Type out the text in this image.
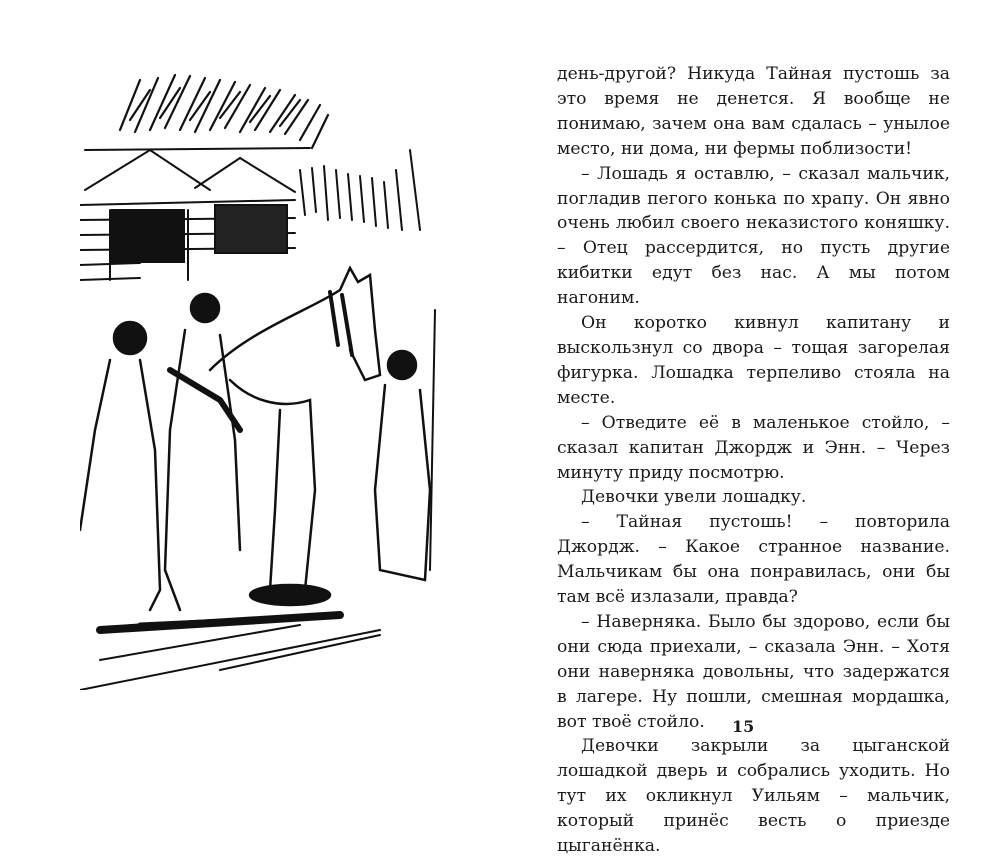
день-другой? Никуда Тайная пустошь за это время не денется. Я вообще не понимаю, зачем она вам сдалась – унылое место, ни дома, ни фермы поблизости!

– Лошадь я оставлю, – сказал мальчик, погладив пегого конька по храпу. Он явно очень любил своего неказистого коняшку. – Отец рассердится, но пусть другие кибитки едут без нас. А мы потом нагоним.

Он коротко кивнул капитану и выскользнул со двора – тощая загорелая фигурка. Лошадка терпеливо стояла на месте.

– Отведите её в маленькое стойло, – сказал капитан Джордж и Энн. – Через минуту приду посмотрю.

Девочки увели лошадку.

– Тайная пустошь! – повторила Джордж. – Какое странное название. Мальчикам бы она понравилась, они бы там всё излазали, правда?

– Наверняка. Было бы здорово, если бы они сюда приехали, – сказала Энн. – Хотя они наверняка довольны, что задержатся в лагере. Ну пошли, смешная мордашка, вот твоё стойло.

Девочки закрыли за цыганской лошадкой дверь и собрались уходить. Но тут их окликнул Уильям – мальчик, который принёс весть о приезде цыганёнка.

15
